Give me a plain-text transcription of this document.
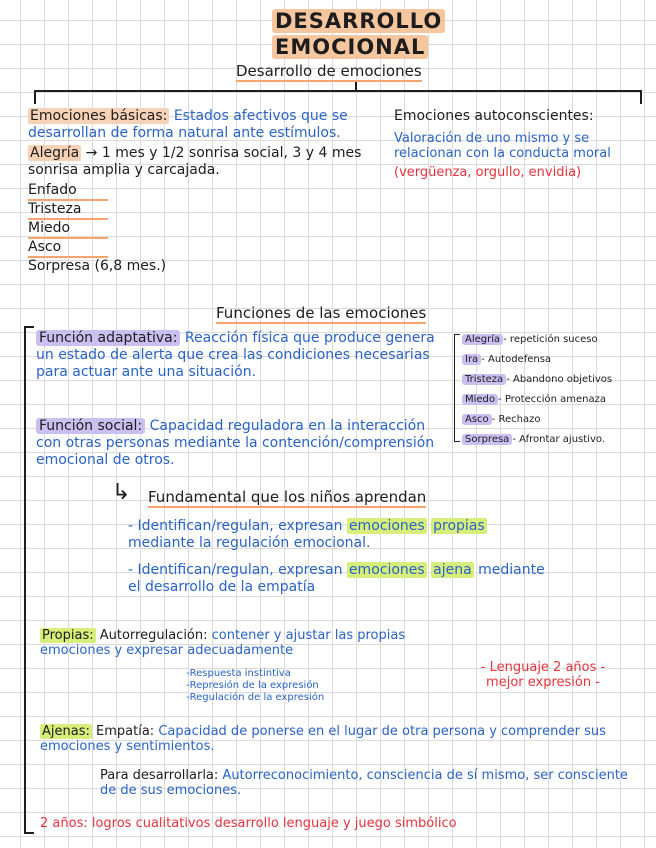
DESARROLLO
EMOCIONAL
Desarrollo de emociones
Emociones básicas: Estados afectivos que se desarrollan de forma natural ante estímulos.
Alegría → 1 mes y 1/2 sonrisa social, 3 y 4 mes sonrisa amplia y carcajada.
Enfado
Tristeza
Miedo
Asco
Sorpresa (6,8 mes.)
Emociones autoconscientes:
Valoración de uno mismo y se relacionan con la conducta moral
(vergüenza, orgullo, envidia)
Funciones de las emociones
Función adaptativa: Reacción física que produce genera un estado de alerta que crea las condiciones necesarias para actuar ante una situación.
Alegría - repetición suceso
Ira - Autodefensa
Tristeza - Abandono objetivos
Miedo - Protección amenaza
Asco - Rechazo
Sorpresa - Afrontar ajustivo.
Función social: Capacidad reguladora en la interacción con otras personas mediante la contención/comprensión emocional de otros.
↳ Fundamental que los niños aprendan
- Identifican/regulan, expresan emociones propias mediante la regulación emocional.
- Identifican/regulan, expresan emociones ajena mediante el desarrollo de la empatía
Propias: Autorregulación: contener y ajustar las propias emociones y expresar adecuadamente
-Respuesta instintiva
-Represión de la expresión
-Regulación de la expresión
- Lenguaje 2 años -
mejor expresión -
Ajenas: Empatía: Capacidad de ponerse en el lugar de otra persona y comprender sus emociones y sentimientos.
Para desarrollarla: Autorreconocimiento, consciencia de sí mismo, ser consciente de de sus emociones.
2 años: logros cualitativos desarrollo lenguaje y juego simbólico
